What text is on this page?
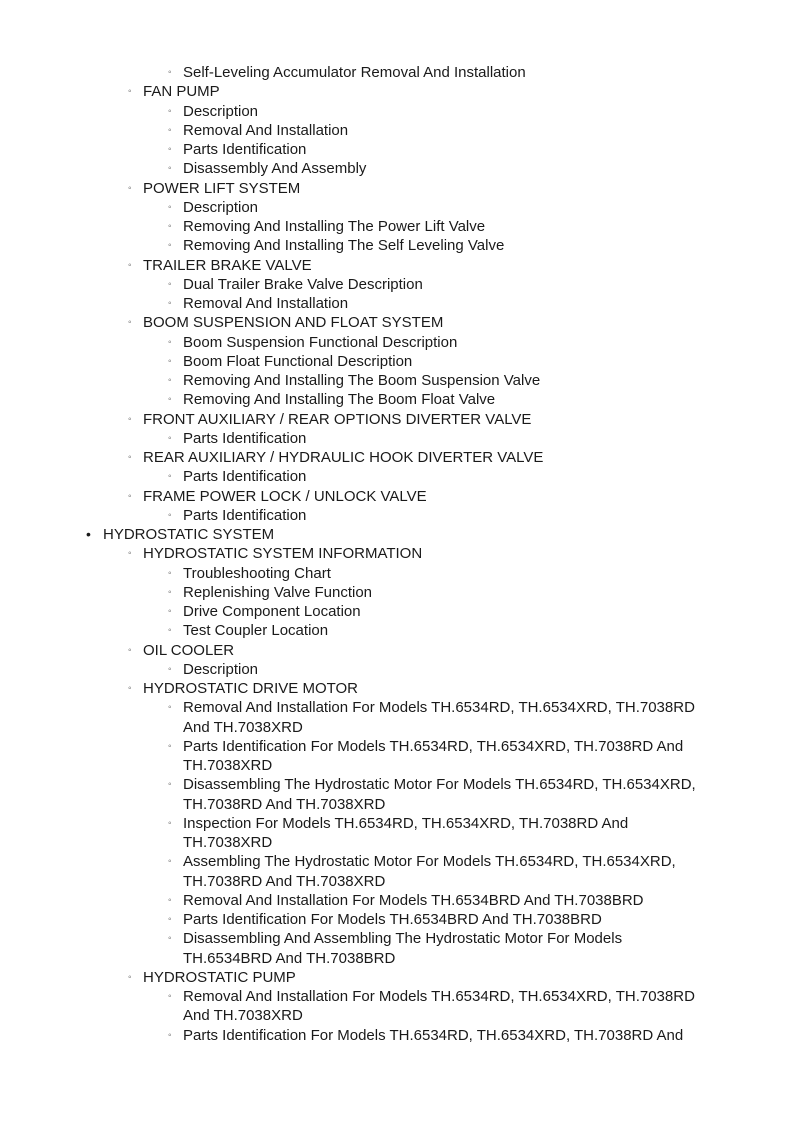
◦ Self-Leveling Accumulator Removal And Installation
◦ FAN PUMP
◦ Description
◦ Removal And Installation
◦ Parts Identification
◦ Disassembly And Assembly
◦ POWER LIFT SYSTEM
◦ Description
◦ Removing And Installing The Power Lift Valve
◦ Removing And Installing The Self Leveling Valve
◦ TRAILER BRAKE VALVE
◦ Dual Trailer Brake Valve Description
◦ Removal And Installation
◦ BOOM SUSPENSION AND FLOAT SYSTEM
◦ Boom Suspension Functional Description
◦ Boom Float Functional Description
◦ Removing And Installing The Boom Suspension Valve
◦ Removing And Installing The Boom Float Valve
◦ FRONT AUXILIARY / REAR OPTIONS DIVERTER VALVE
◦ Parts Identification
◦ REAR AUXILIARY / HYDRAULIC HOOK DIVERTER VALVE
◦ Parts Identification
◦ FRAME POWER LOCK / UNLOCK VALVE
◦ Parts Identification
• HYDROSTATIC SYSTEM
◦ HYDROSTATIC SYSTEM INFORMATION
◦ Troubleshooting Chart
◦ Replenishing Valve Function
◦ Drive Component Location
◦ Test Coupler Location
◦ OIL COOLER
◦ Description
◦ HYDROSTATIC DRIVE MOTOR
◦ Removal And Installation For Models TH.6534RD, TH.6534XRD, TH.7038RD
And TH.7038XRD
◦ Parts Identification For Models TH.6534RD, TH.6534XRD, TH.7038RD And
TH.7038XRD
◦ Disassembling The Hydrostatic Motor For Models TH.6534RD, TH.6534XRD,
TH.7038RD And TH.7038XRD
◦ Inspection For Models TH.6534RD, TH.6534XRD, TH.7038RD And
TH.7038XRD
◦ Assembling The Hydrostatic Motor For Models TH.6534RD, TH.6534XRD,
TH.7038RD And TH.7038XRD
◦ Removal And Installation For Models TH.6534BRD And TH.7038BRD
◦ Parts Identification For Models TH.6534BRD And TH.7038BRD
◦ Disassembling And Assembling The Hydrostatic Motor For Models
TH.6534BRD And TH.7038BRD
◦ HYDROSTATIC PUMP
◦ Removal And Installation For Models TH.6534RD, TH.6534XRD, TH.7038RD
And TH.7038XRD
◦ Parts Identification For Models TH.6534RD, TH.6534XRD, TH.7038RD And
